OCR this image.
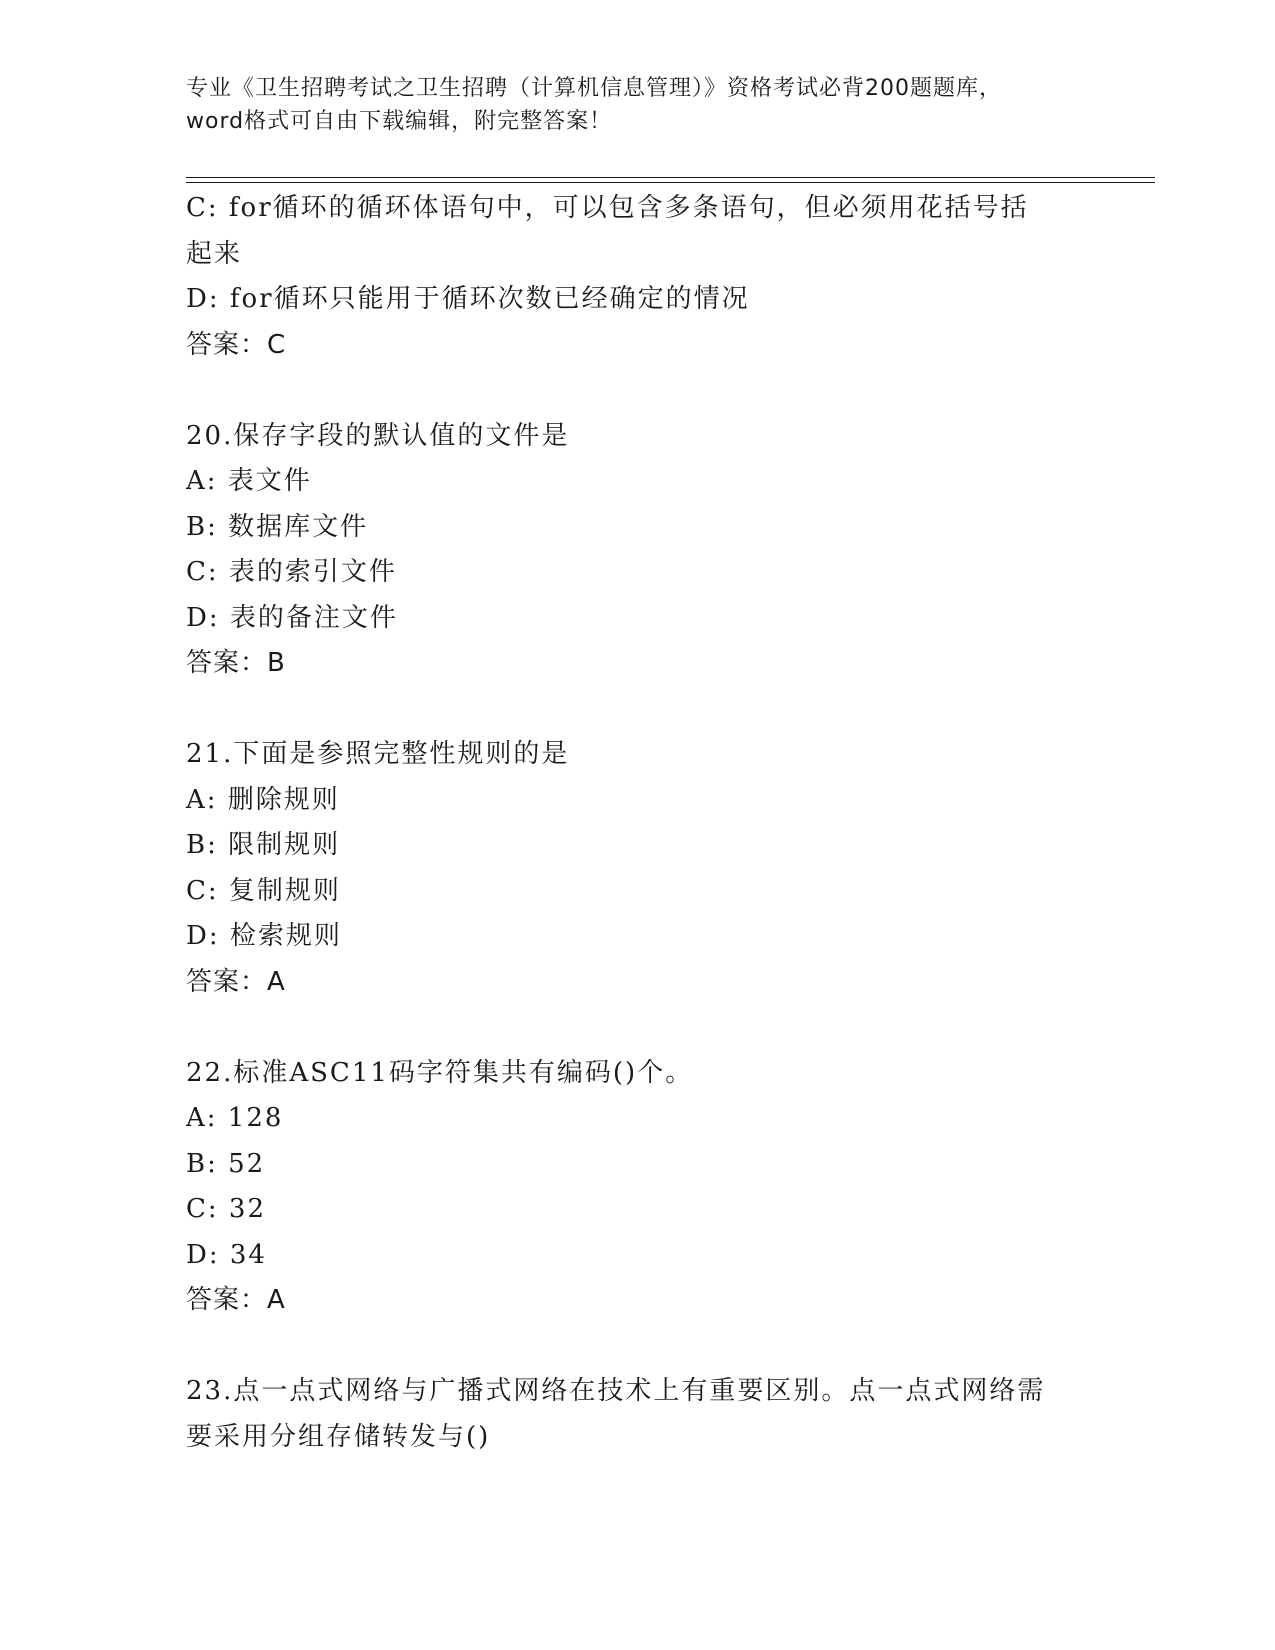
专业《卫生招聘考试之卫生招聘（计算机信息管理）》资格考试必背200题题库，
word格式可自由下载编辑，附完整答案！
C: for循环的循环体语句中，可以包含多条语句，但必须用花括号括
起来
D: for循环只能用于循环次数已经确定的情况
答案：C
20.保存字段的默认值的文件是
A: 表文件
B: 数据库文件
C: 表的索引文件
D: 表的备注文件
答案：B
21.下面是参照完整性规则的是
A: 删除规则
B: 限制规则
C: 复制规则
D: 检索规则
答案：A
22.标准ASC11码字符集共有编码()个。
A: 128
B: 52
C: 32
D: 34
答案：A
23.点一点式网络与广播式网络在技术上有重要区别。点一点式网络需
要采用分组存储转发与()
